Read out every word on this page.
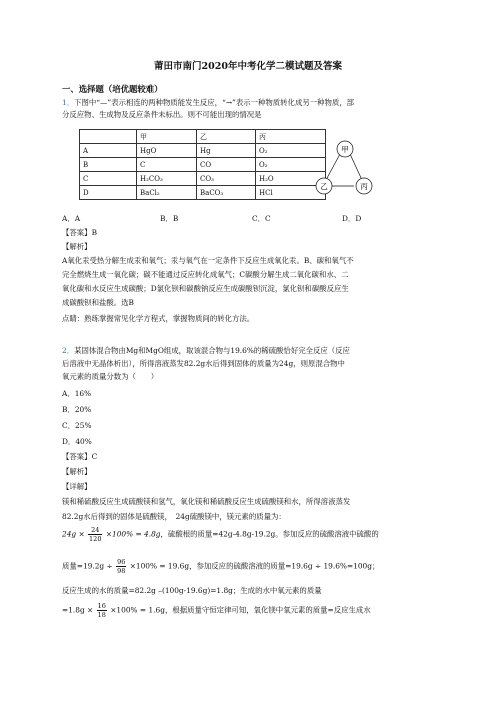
莆田市南门2020年中考化学二模试题及答案
一、选择题（培优题较难）
1．下图中“—”表示相连的两种物质能发生反应，“→”表示一种物质转化成另一种物质，部
分反应物、生成物及反应条件未标出。则不可能出现的情况是
	甲	乙	丙
A	HgO	Hg	O₂
B	C	CO	O₂
C	H₂CO₃	CO₃	H₂O
D	BaCl₂	BaCO₃	HCl
甲
乙	丙
A．A	B．B	C．C	D．D
【答案】B
【解析】
A氧化汞受热分解生成汞和氧气；汞与氧气在一定条件下反应生成氧化汞。B、碳和氧气不
完全燃烧生成一氧化碳；碳不能通过反应转化成氧气；C碳酸分解生成二氧化碳和水、二
氧化碳和水反应生成碳酸；D氯化钡和碳酸钠反应生成碳酸钡沉淀，氯化钡和碳酸反应生
成碳酸钡和盐酸。选B
点睛：熟练掌握常见化学方程式，掌握物质间的转化方法。
2．某固体混合物由Mg和MgO组成，取该混合物与19.6%的稀硫酸恰好完全反应（反应
后溶液中无晶体析出），所得溶液蒸发82.2g水后得到固体的质量为24g，则原混合物中
氧元素的质量分数为（　　）
A．16%
B．20%
C．25%
D．40%
【答案】C
【解析】
【详解】
镁和稀硫酸反应生成硫酸镁和氢气，氧化镁和稀硫酸反应生成硫酸镁和水，所得溶液蒸发
82.2g水后得到的固体是硫酸镁，　24g硫酸镁中，镁元素的质量为：
$24g \times \frac{24}{120} \times 100\% = 4.8g$，硫酸根的质量=42g-4.8g-19.2g。参加反应的硫酸溶液中硫酸的
质量$=19.2g \div \frac{96}{98} \times 100\% = 19.6g$，参加反应的硫酸溶液的质量=19.6g ÷ 19.6%=100g；
反应生成的水的质量=82.2g –(100g-19.6g)=1.8g；生成的水中氧元素的质量
$=1.8g \times \frac{16}{18} \times 100\% = 1.6g$，根据质量守恒定律可知，氧化镁中氧元素的质量=反应生成水
